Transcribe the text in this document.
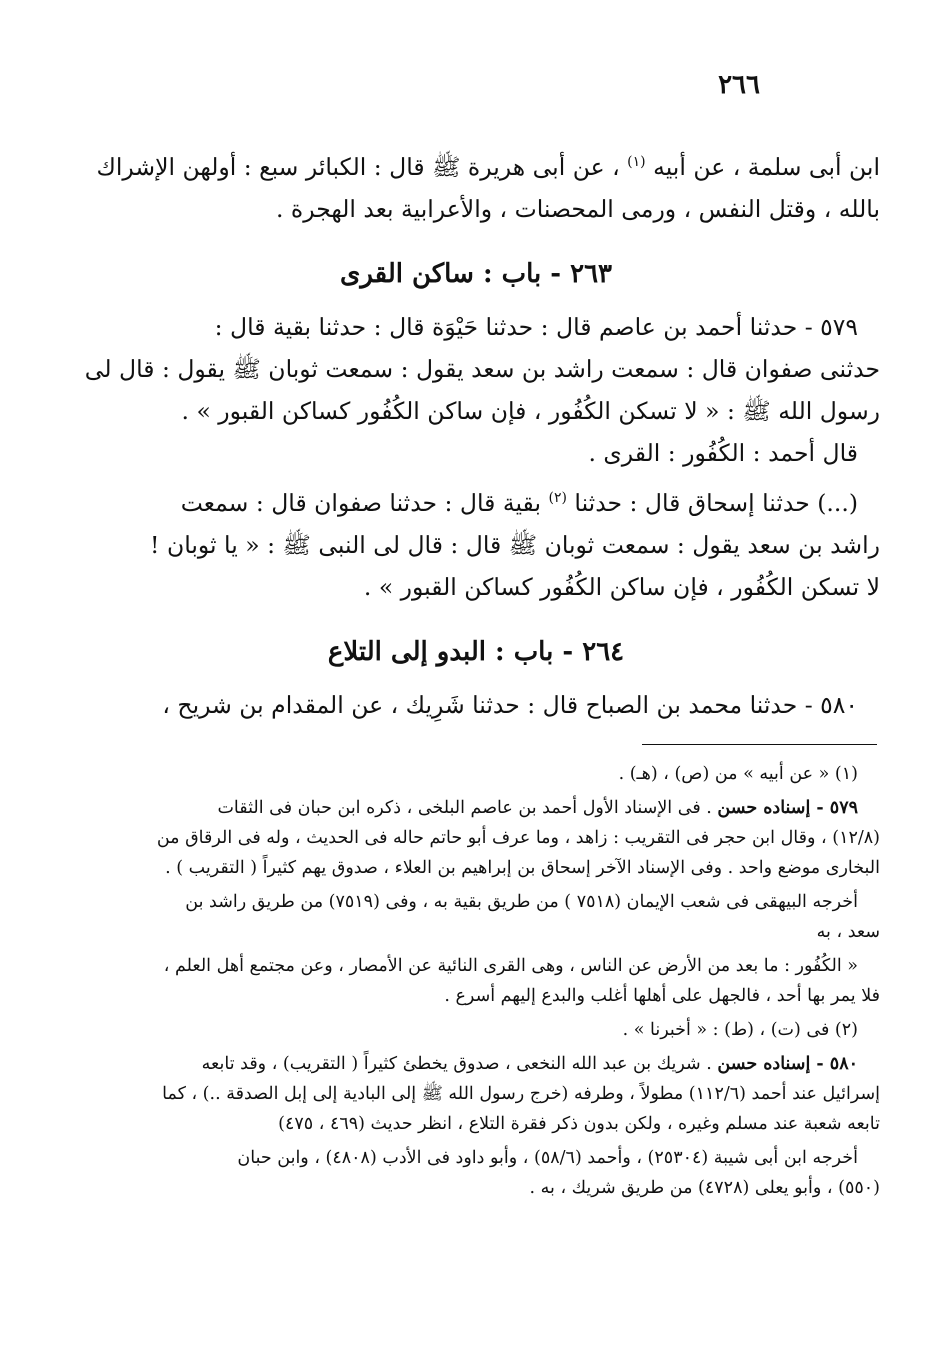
٢٦٦

ابن أبى سلمة ، عن أبيه $^{(١)}$ ، عن أبى هريرة ﷺ قال : الكبائر سبع : أولهن الإشراك
بالله ، وقتل النفس ، ورمى المحصنات ، والأعرابية بعد الهجرة .

٢٦٣ - باب : ساكن القرى

٥٧٩ - حدثنا أحمد بن عاصم قال : حدثنا حَيْوَة قال : حدثنا بقية قال :
حدثنى صفوان قال : سمعت راشد بن سعد يقول : سمعت ثوبان ﷺ يقول : قال لى
رسول الله ﷺ : « لا تسكن الكُفُور ، فإن ساكن الكُفُور كساكن القبور » .
قال أحمد : الكُفُور : القرى .

(...) حدثنا إسحاق قال : حدثنا $^{(٢)}$ بقية قال : حدثنا صفوان قال : سمعت
راشد بن سعد يقول : سمعت ثوبان ﷺ قال : قال لى النبى ﷺ : « يا ثوبان !
لا تسكن الكُفُور ، فإن ساكن الكُفُور كساكن القبور » .

٢٦٤ - باب : البدو إلى التلاع

٥٨٠ - حدثنا محمد بن الصباح قال : حدثنا شَرِيك ، عن المقدام بن شريح ،

(١) « عن أبيه » من (ص) ، (هـ) .

٥٧٩ - إسناده حسن . فى الإسناد الأول أحمد بن عاصم البلخى ، ذكره ابن حبان فى الثقات
(١٢/٨) ، وقال ابن حجر فى التقريب : زاهد ، وما عرف أبو حاتم حاله فى الحديث ، وله فى الرقاق من
البخارى موضع واحد . وفى الإسناد الآخر إسحاق بن إبراهيم بن العلاء ، صدوق يهم كثيراً ( التقريب ) .

أخرجه البيهقى فى شعب الإيمان (٧٥١٨ ) من طريق بقية به ، وفى (٧٥١٩) من طريق راشد بن
سعد ، به

« الكُفُور : ما بعد من الأرض عن الناس ، وهى القرى النائية عن الأمصار ، وعن مجتمع أهل العلم ،
فلا يمر بها أحد ، فالجهل على أهلها أغلب والبدع إليهم أسرع .

(٢) فى (ت) ، (ط) : « أخبرنا » .

٥٨٠ - إسناده حسن . شريك بن عبد الله النخعى ، صدوق يخطئ كثيراً ( التقريب) ، وقد تابعه
إسرائيل عند أحمد (١١٢/٦) مطولاً ، وطرفه (خرج رسول الله ﷺ إلى البادية إلى إبل الصدقة ..) ، كما
تابعه شعبة عند مسلم وغيره ، ولكن بدون ذكر فقرة التلاع ، انظر حديث (٤٦٩ ، ٤٧٥)

أخرجه ابن أبى شيبة (٢٥٣٠٤) ، وأحمد (٥٨/٦) ، وأبو داود فى الأدب (٤٨٠٨) ، وابن حبان
(٥٥٠) ، وأبو يعلى (٤٧٢٨) من طريق شريك ، به .
